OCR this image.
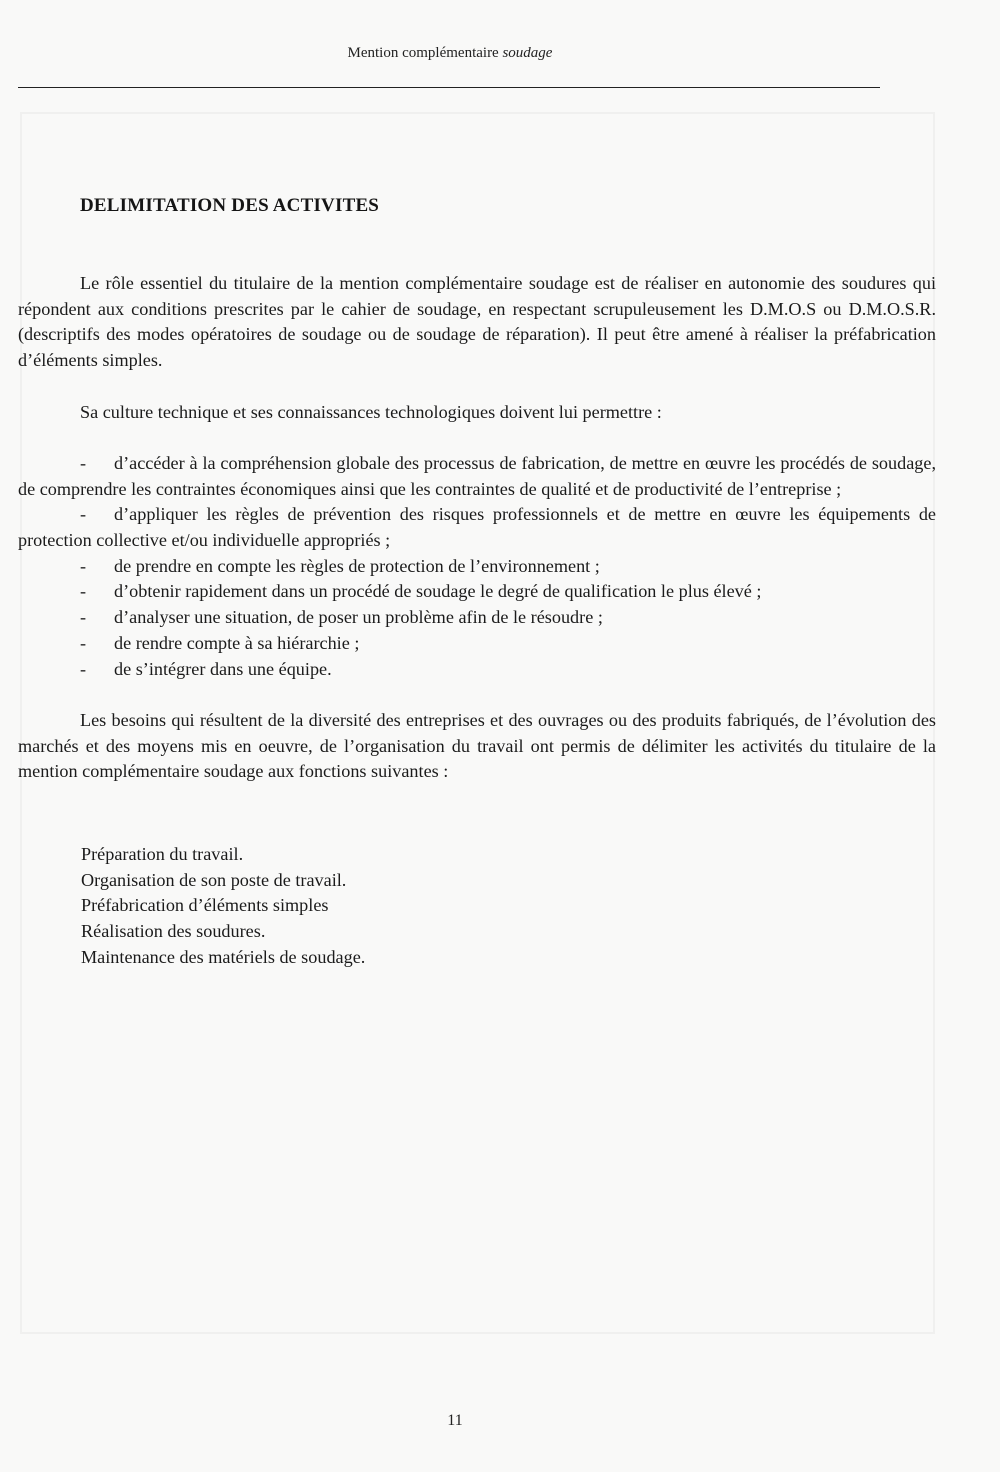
Mention complémentaire soudage
DELIMITATION DES ACTIVITES

Le rôle essentiel du titulaire de la mention complémentaire soudage est de réaliser en autonomie des soudures qui répondent aux conditions prescrites par le cahier de soudage, en respectant scrupuleusement les D.M.O.S ou D.M.O.S.R. (descriptifs des modes opératoires de soudage ou de soudage de réparation). Il peut être amené à réaliser la préfabrication d’éléments simples.

Sa culture technique et ses connaissances technologiques doivent lui permettre :

- d’accéder à la compréhension globale des processus de fabrication, de mettre en œuvre les procédés de soudage, de comprendre les contraintes économiques ainsi que les contraintes de qualité et de productivité de l’entreprise ;
- d’appliquer les règles de prévention des risques professionnels et de mettre en œuvre les équipements de protection collective et/ou individuelle appropriés ;
- de prendre en compte les règles de protection de l’environnement ;
- d’obtenir rapidement dans un procédé de soudage le degré de qualification le plus élevé ;
- d’analyser une situation, de poser un problème afin de le résoudre ;
- de rendre compte à sa hiérarchie ;
- de s’intégrer dans une équipe.

Les besoins qui résultent de la diversité des entreprises et des ouvrages ou des produits fabriqués, de l’évolution des marchés et des moyens mis en oeuvre, de l’organisation du travail ont permis de délimiter les activités du titulaire de la mention complémentaire soudage aux fonctions suivantes :

Préparation du travail.
Organisation de son poste de travail.
Préfabrication d’éléments simples
Réalisation des soudures.
Maintenance des matériels de soudage.
11
